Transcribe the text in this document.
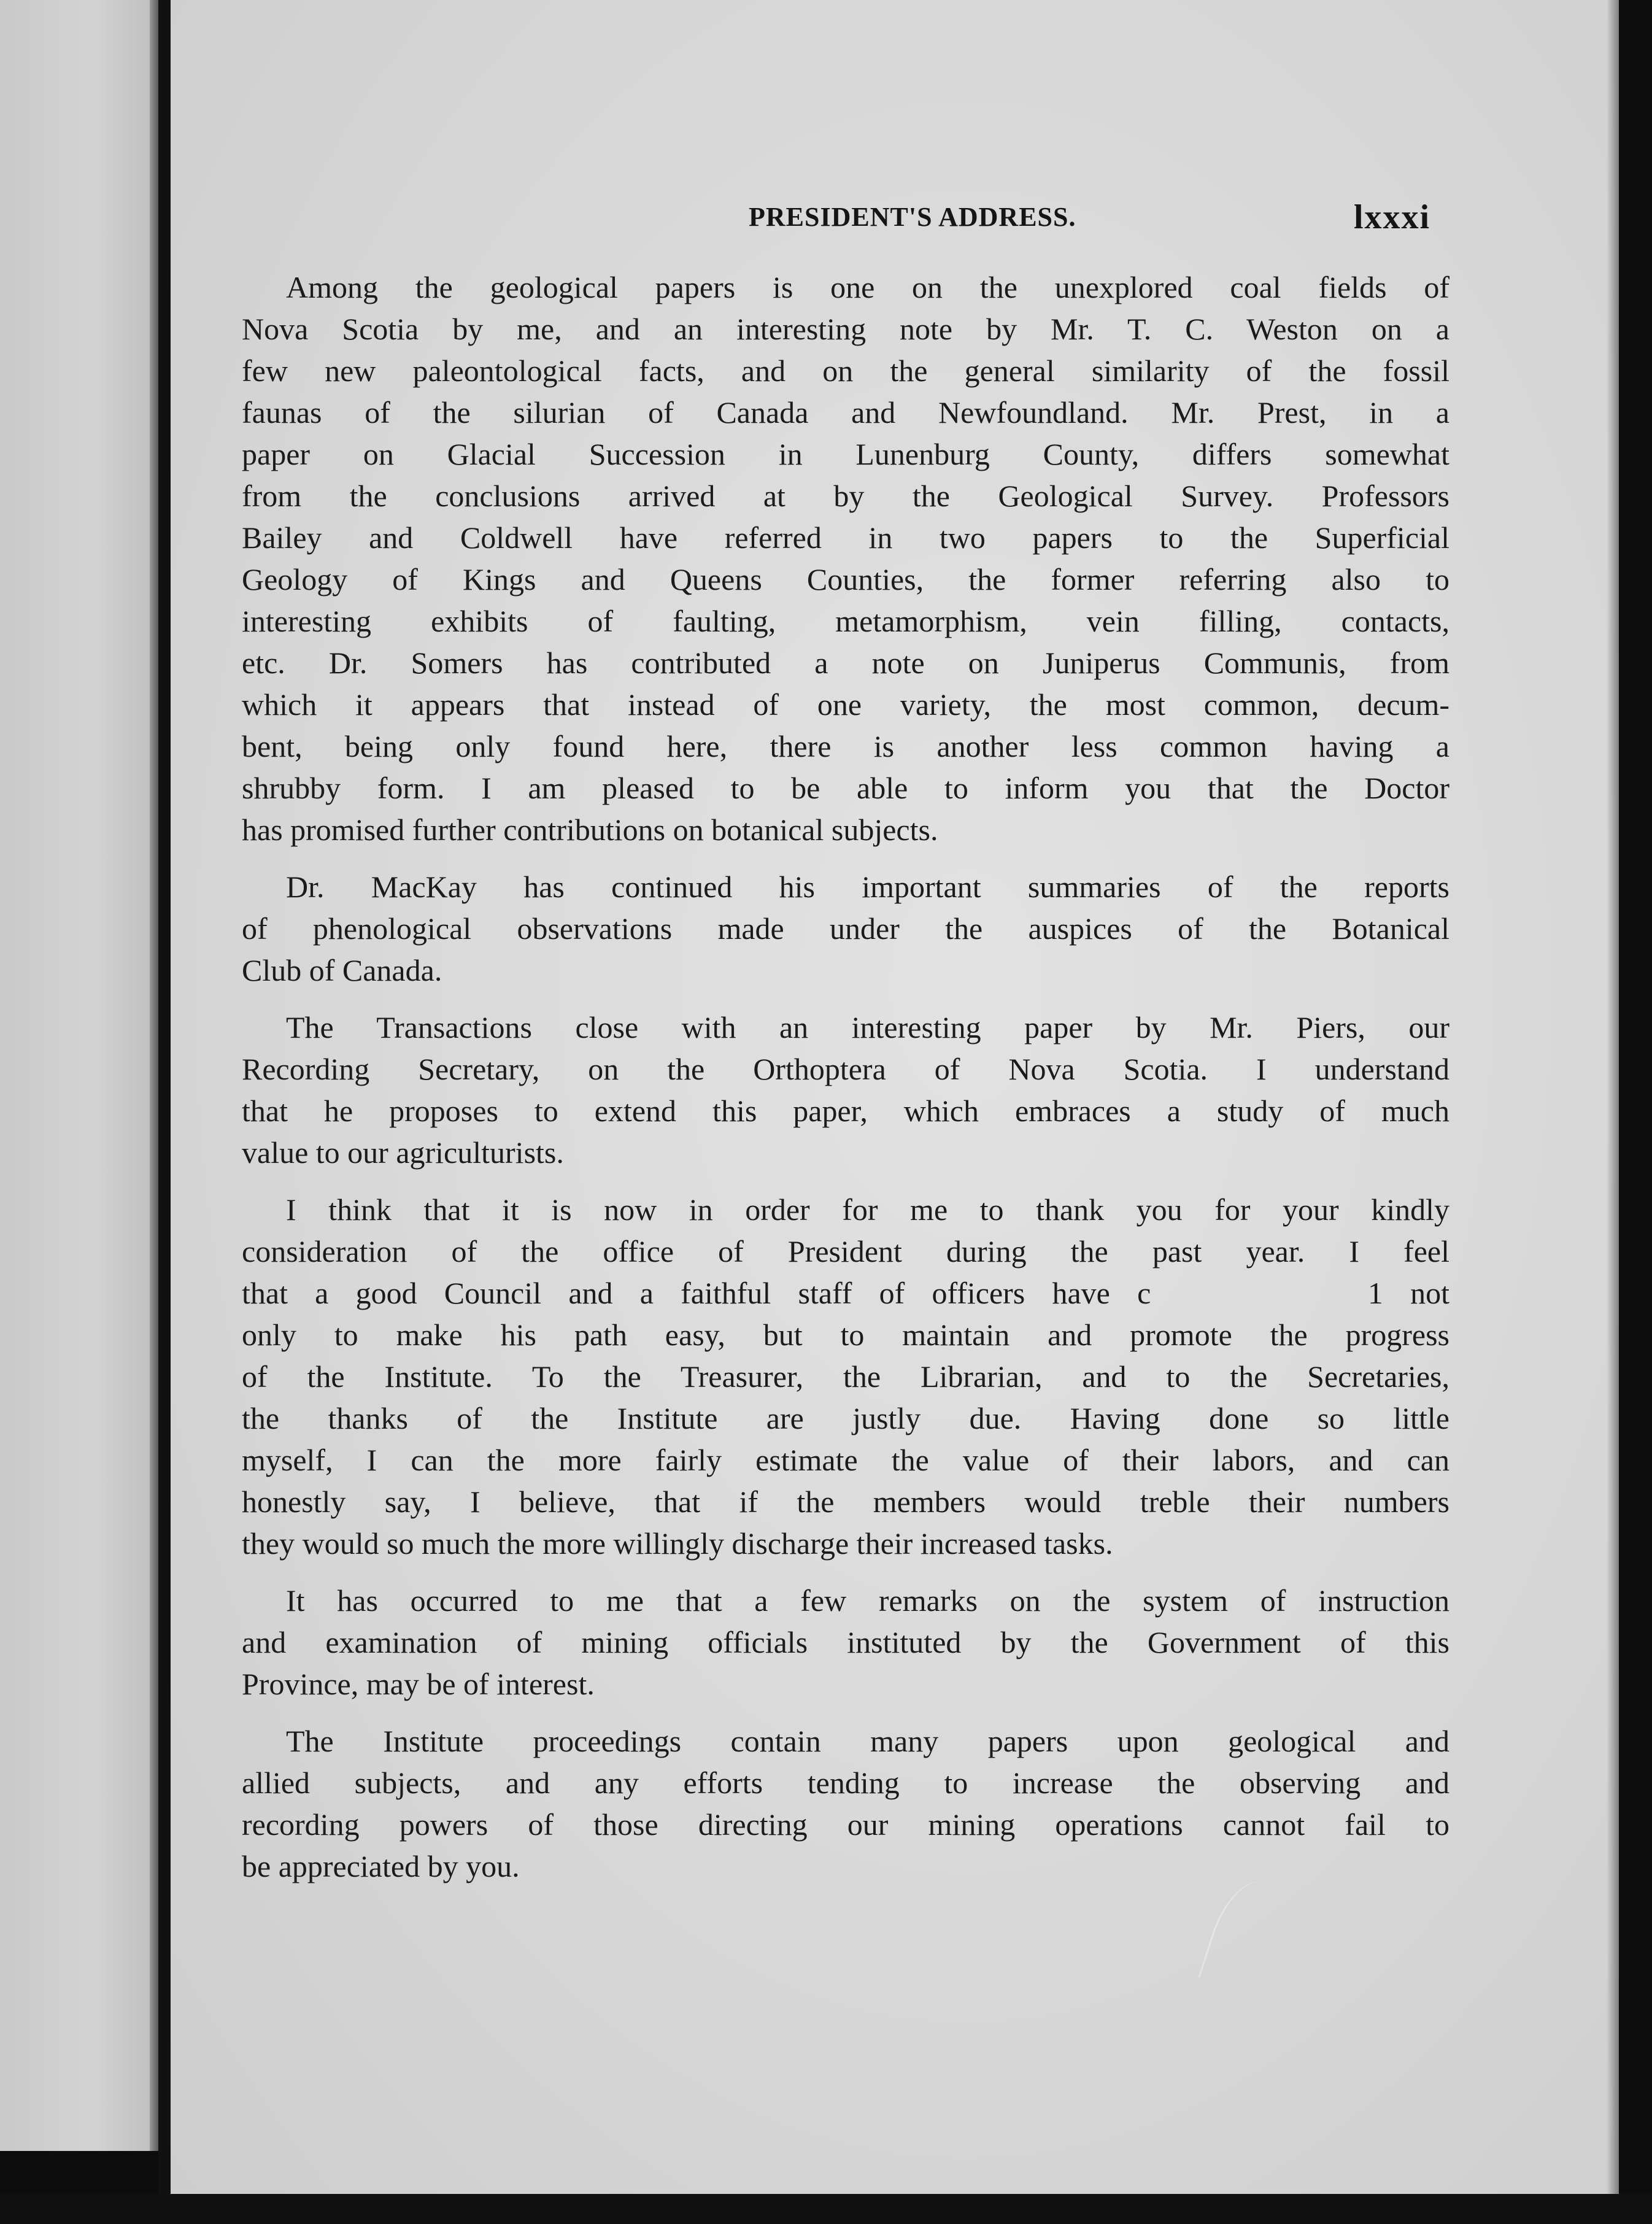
PRESIDENT'S ADDRESS.	lxxxi
Among the geological papers is one on the unexplored coal fields of
Nova Scotia by me, and an interesting note by Mr. T. C. Weston on a
few new paleontological facts, and on the general similarity of the fossil
faunas of the silurian of Canada and Newfoundland. Mr. Prest, in a
paper on Glacial Succession in Lunenburg County, differs somewhat
from the conclusions arrived at by the Geological Survey. Professors
Bailey and Coldwell have referred in two papers to the Superficial
Geology of Kings and Queens Counties, the former referring also to
interesting exhibits of faulting, metamorphism, vein filling, contacts,
etc. Dr. Somers has contributed a note on Juniperus Communis, from
which it appears that instead of one variety, the most common, decum-
bent, being only found here, there is another less common having a
shrubby form. I am pleased to be able to inform you that the Doctor
has promised further contributions on botanical subjects.
Dr. MacKay has continued his important summaries of the reports
of phenological observations made under the auspices of the Botanical
Club of Canada.
The Transactions close with an interesting paper by Mr. Piers, our
Recording Secretary, on the Orthoptera of Nova Scotia. I understand
that he proposes to extend this paper, which embraces a study of much
value to our agriculturists.
I think that it is now in order for me to thank you for your kindly
consideration of the office of President during the past year. I feel
that a good Council and a faithful staff of officers have c        1 not
only to make his path easy, but to maintain and promote the progress
of the Institute. To the Treasurer, the Librarian, and to the Secretaries,
the thanks of the Institute are justly due. Having done so little
myself, I can the more fairly estimate the value of their labors, and can
honestly say, I believe, that if the members would treble their numbers
they would so much the more willingly discharge their increased tasks.
It has occurred to me that a few remarks on the system of instruction
and examination of mining officials instituted by the Government of this
Province, may be of interest.
The Institute proceedings contain many papers upon geological and
allied subjects, and any efforts tending to increase the observing and
recording powers of those directing our mining operations cannot fail to
be appreciated by you.
